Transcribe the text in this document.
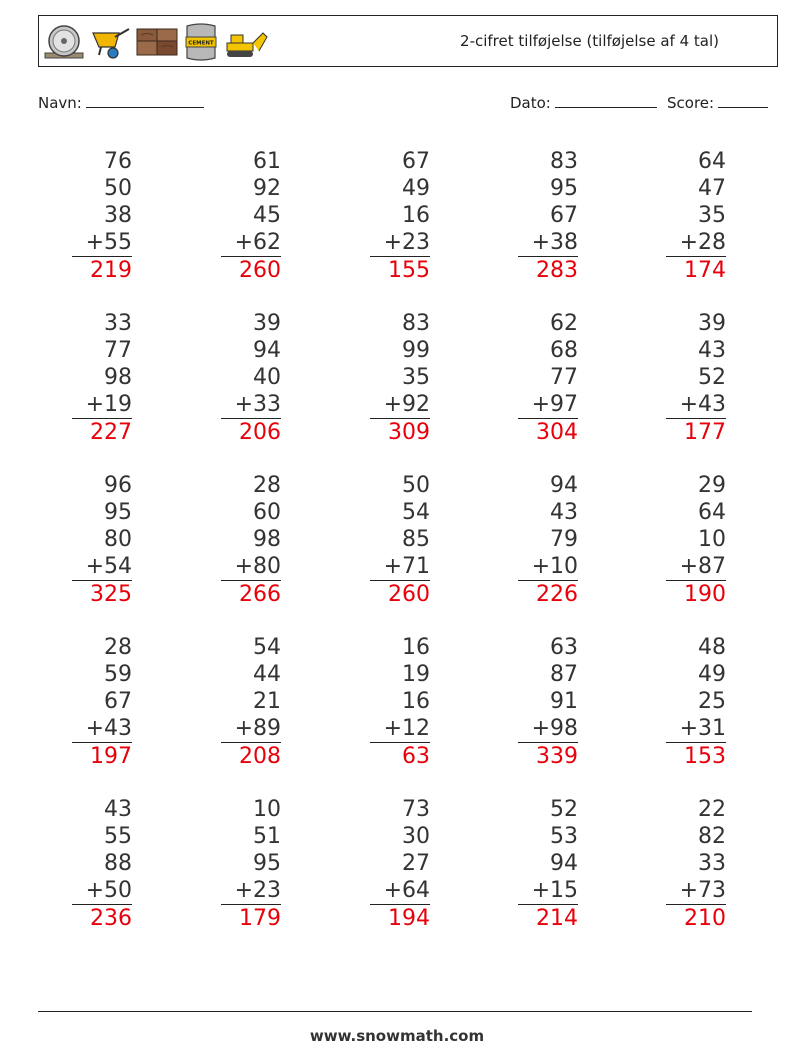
CEMENT	2-cifret tilføjelse (tilføjelse af 4 tal)
Navn:	Dato:	Score:
76
50
38
+55
219
61
92
45
+62
260
67
49
16
+23
155
83
95
67
+38
283
64
47
35
+28
174
33
77
98
+19
227
39
94
40
+33
206
83
99
35
+92
309
62
68
77
+97
304
39
43
52
+43
177
96
95
80
+54
325
28
60
98
+80
266
50
54
85
+71
260
94
43
79
+10
226
29
64
10
+87
190
28
59
67
+43
197
54
44
21
+89
208
16
19
16
+12
63
63
87
91
+98
339
48
49
25
+31
153
43
55
88
+50
236
10
51
95
+23
179
73
30
27
+64
194
52
53
94
+15
214
22
82
33
+73
210
www.snowmath.com
